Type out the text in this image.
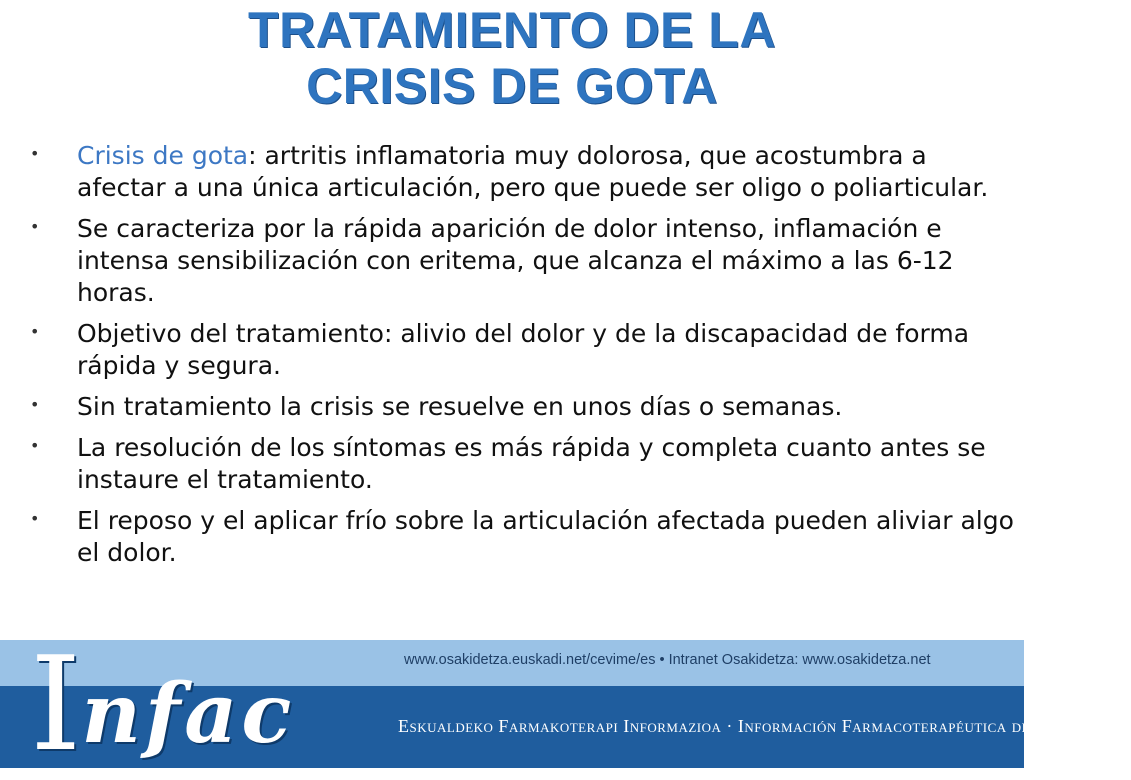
TRATAMIENTO DE LA
CRISIS DE GOTA
• Crisis de gota: artritis inflamatoria muy dolorosa, que acostumbra a afectar a una única articulación, pero que puede ser oligo o poliarticular.
• Se caracteriza por la rápida aparición de dolor intenso, inflamación e intensa sensibilización con eritema, que alcanza el máximo a las 6-12 horas.
• Objetivo del tratamiento: alivio del dolor y de la discapacidad de forma rápida y segura.
• Sin tratamiento la crisis se resuelve en unos días o semanas.
• La resolución de los síntomas es más rápida y completa cuanto antes se instaure el tratamiento.
• El reposo y el aplicar frío sobre la articulación afectada pueden aliviar algo el dolor.
Infac
www.osakidetza.euskadi.net/cevime/es • Intranet Osakidetza: www.osakidetza.net
Eskualdeko Farmakoterapi Informazioa · Información Farmacoterapéutica de la Comarca
